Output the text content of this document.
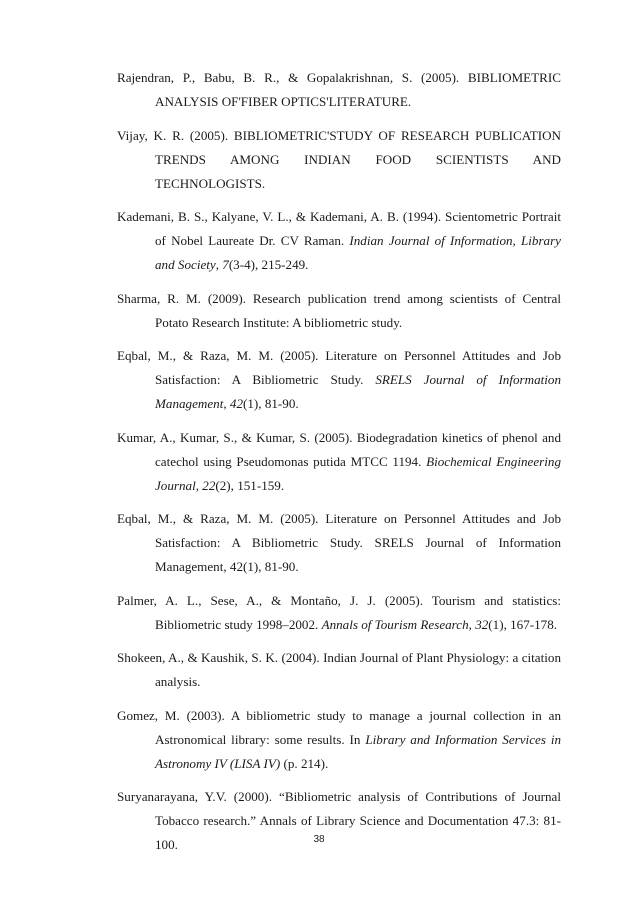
Rajendran, P., Babu, B. R., & Gopalakrishnan, S. (2005). BIBLIOMETRIC ANALYSIS OF'FIBER OPTICS'LITERATURE.

Vijay, K. R. (2005). BIBLIOMETRIC'STUDY OF RESEARCH PUBLICATION TRENDS AMONG INDIAN FOOD SCIENTISTS AND TECHNOLOGISTS.

Kademani, B. S., Kalyane, V. L., & Kademani, A. B. (1994). Scientometric Portrait of Nobel Laureate Dr. CV Raman. Indian Journal of Information, Library and Society, 7(3-4), 215-249.

Sharma, R. M. (2009). Research publication trend among scientists of Central Potato Research Institute: A bibliometric study.

Eqbal, M., & Raza, M. M. (2005). Literature on Personnel Attitudes and Job Satisfaction: A Bibliometric Study. SRELS Journal of Information Management, 42(1), 81-90.

Kumar, A., Kumar, S., & Kumar, S. (2005). Biodegradation kinetics of phenol and catechol using Pseudomonas putida MTCC 1194. Biochemical Engineering Journal, 22(2), 151-159.

Eqbal, M., & Raza, M. M. (2005). Literature on Personnel Attitudes and Job Satisfaction: A Bibliometric Study. SRELS Journal of Information Management, 42(1), 81-90.

Palmer, A. L., Sese, A., & Montaño, J. J. (2005). Tourism and statistics: Bibliometric study 1998–2002. Annals of Tourism Research, 32(1), 167-178.

Shokeen, A., & Kaushik, S. K. (2004). Indian Journal of Plant Physiology: a citation analysis.

Gomez, M. (2003). A bibliometric study to manage a journal collection in an Astronomical library: some results. In Library and Information Services in Astronomy IV (LISA IV) (p. 214).

Suryanarayana, Y.V. (2000). “Bibliometric analysis of Contributions of Journal Tobacco research.” Annals of Library Science and Documentation 47.3: 81-100.	38
